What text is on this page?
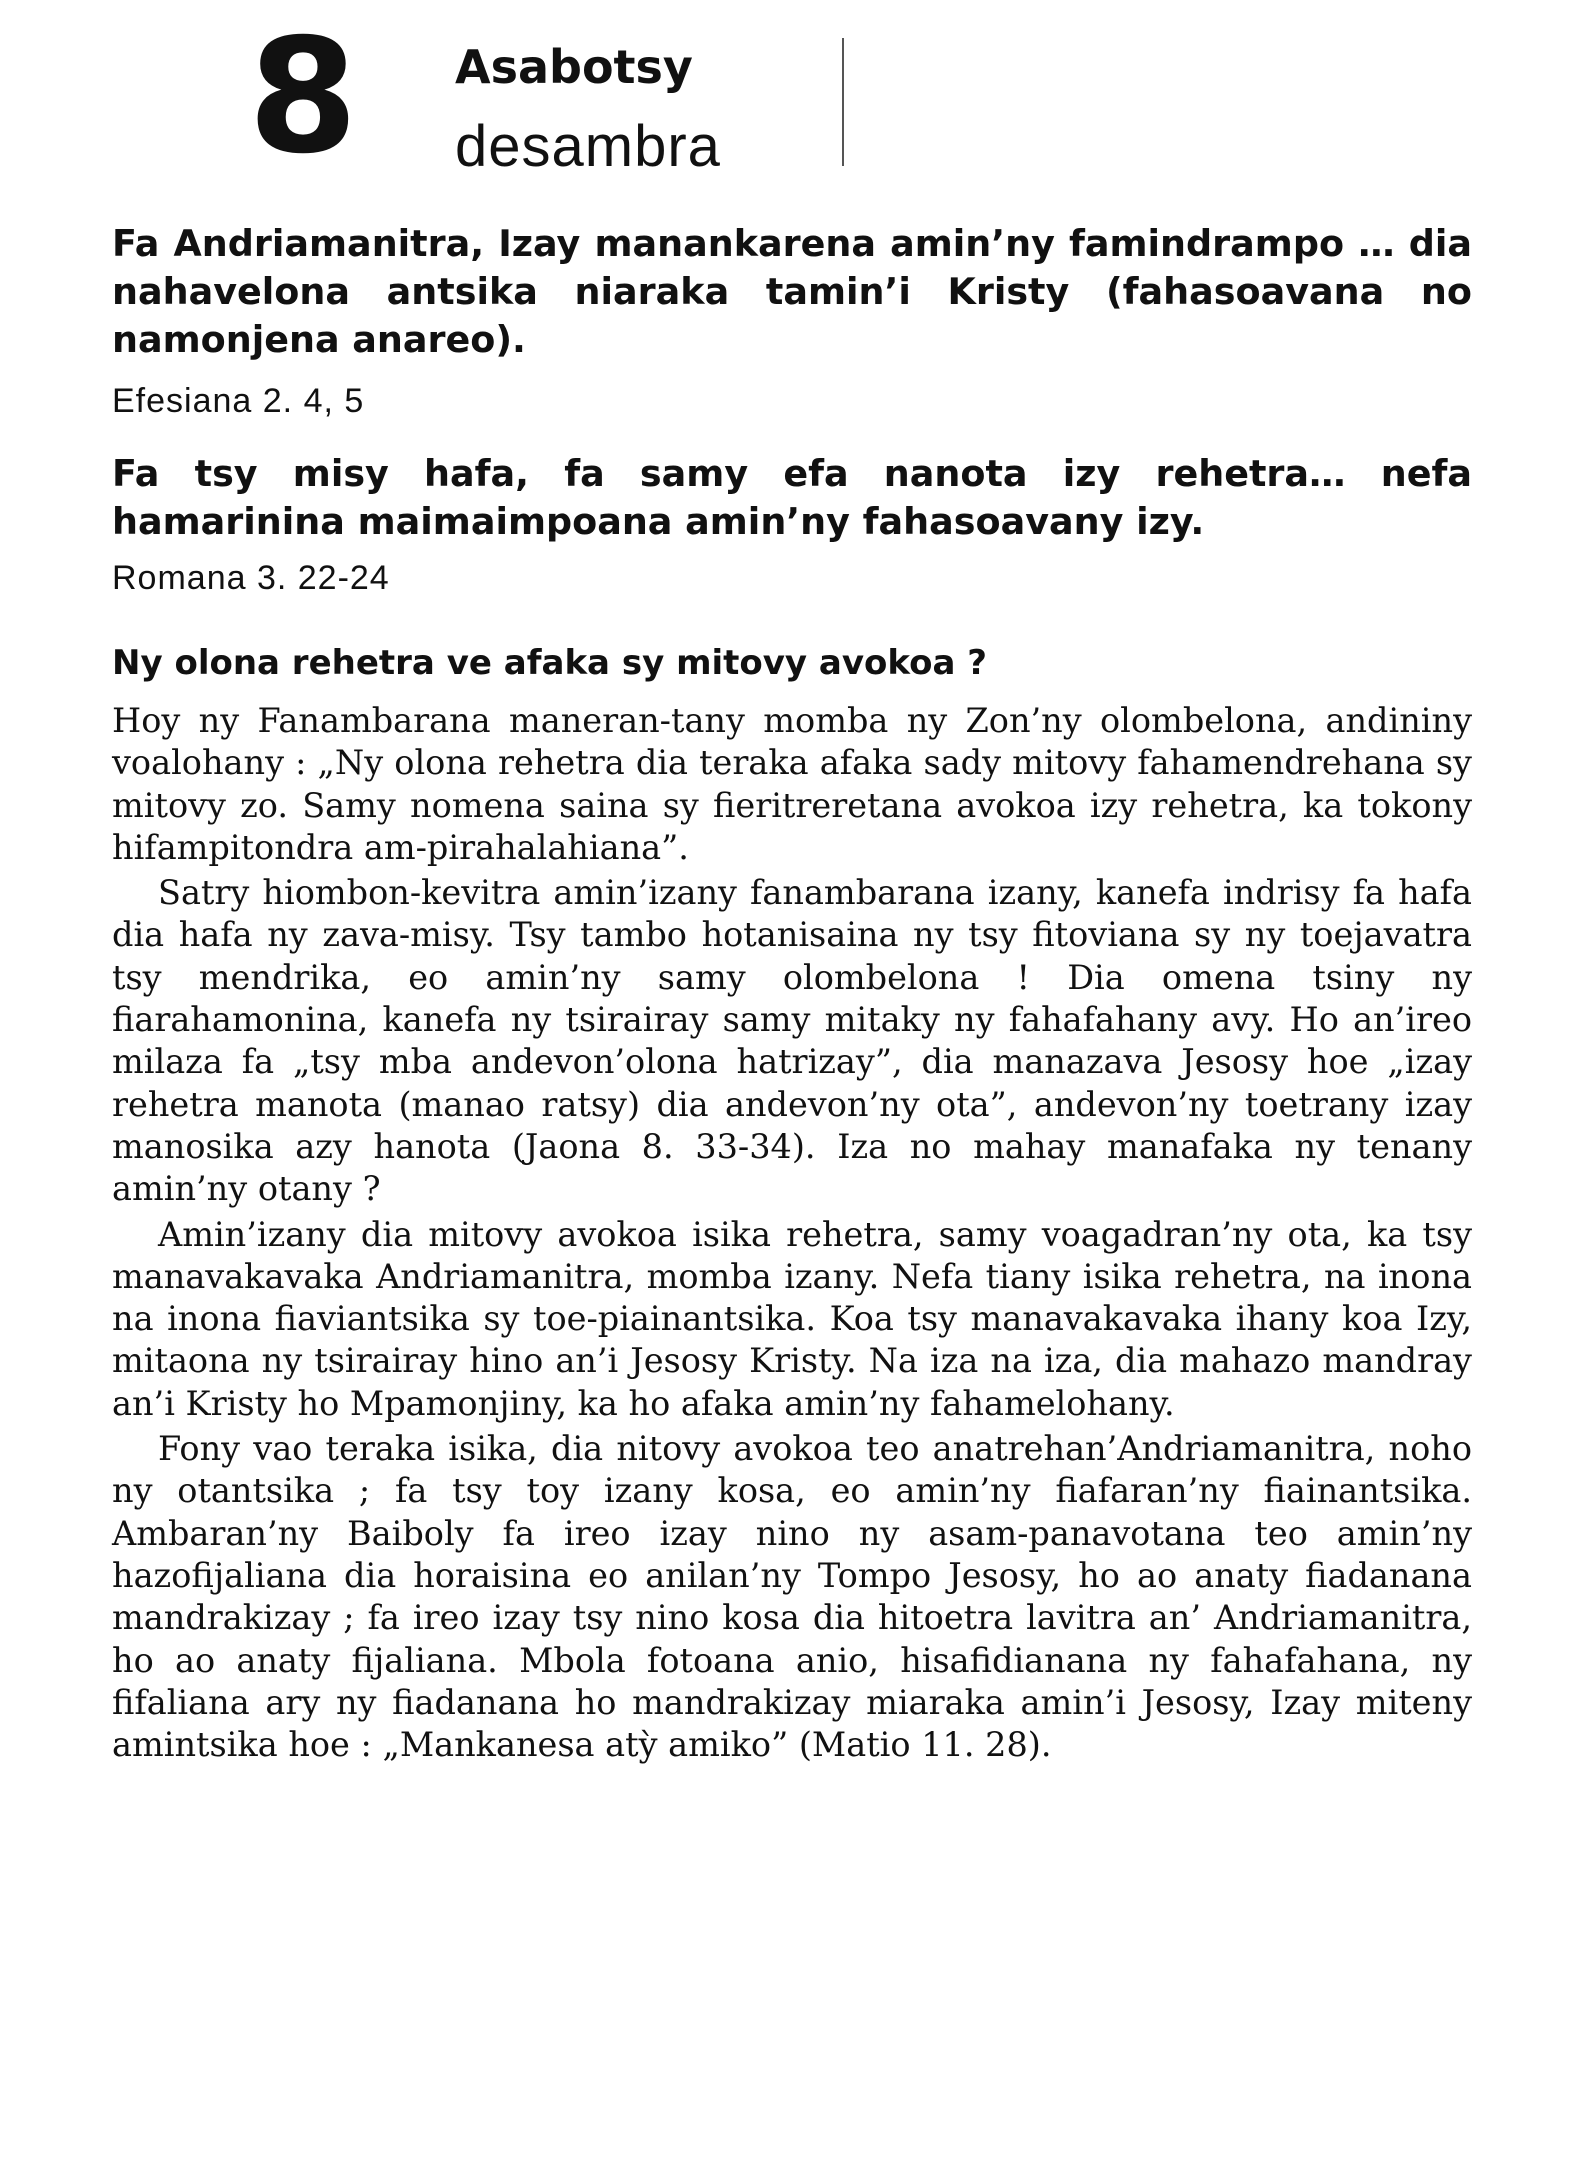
8 Asabotsy
desambra
Fa Andriamanitra, Izay manankarena amin’ny famindrampo … dia nahavelona antsika niaraka tamin’i Kristy (fahasoavana no namonjena anareo).
Efesiana 2. 4, 5
Fa tsy misy hafa, fa samy efa nanota izy rehetra… nefa hamarinina maimaimpoana amin’ny fahasoavany izy.
Romana 3. 22-24
Ny olona rehetra ve afaka sy mitovy avokoa ?

Hoy ny Fanambarana maneran-tany momba ny Zon’ny olombelona, andininy voalohany : „Ny olona rehetra dia teraka afaka sady mitovy fahamendrehana sy mitovy zo. Samy nomena saina sy fieritreretana avokoa izy rehetra, ka tokony hifampitondra am-pirahalahiana”.

Satry hiombon-kevitra amin’izany fanambarana izany, kanefa indrisy fa hafa dia hafa ny zava-misy. Tsy tambo hotanisaina ny tsy fitoviana sy ny toejavatra tsy mendrika, eo amin’ny samy olombelona ! Dia omena tsiny ny fiarahamonina, kanefa ny tsirairay samy mitaky ny fahafahany avy. Ho an’ireo milaza fa „tsy mba andevon’olona hatrizay”, dia manazava Jesosy hoe „izay rehetra manota (manao ratsy) dia andevon’ny ota”, andevon’ny toetrany izay manosika azy hanota (Jaona 8. 33-34). Iza no mahay manafaka ny tenany amin’ny otany ?

Amin’izany dia mitovy avokoa isika rehetra, samy voagadran’ny ota, ka tsy manavakavaka Andriamanitra, momba izany. Nefa tiany isika rehetra, na inona na inona fiaviantsika sy toe-piainantsika. Koa tsy manavakavaka ihany koa Izy, mitaona ny tsirairay hino an’i Jesosy Kristy. Na iza na iza, dia mahazo mandray an’i Kristy ho Mpamonjiny, ka ho afaka amin’ny fahamelohany.

Fony vao teraka isika, dia nitovy avokoa teo anatrehan’Andriamanitra, noho ny otantsika ; fa tsy toy izany kosa, eo amin’ny fiafaran’ny fiainantsika. Ambaran’ny Baiboly fa ireo izay nino ny asam-panavotana teo amin’ny hazofijaliana dia horaisina eo anilan’ny Tompo Jesosy, ho ao anaty fiadanana mandrakizay ; fa ireo izay tsy nino kosa dia hitoetra lavitra an’ Andriamanitra, ho ao anaty fijaliana. Mbola fotoana anio, hisafidianana ny fahafahana, ny fifaliana ary ny fiadanana ho mandrakizay miaraka amin’i Jesosy, Izay miteny amintsika hoe : „Mankanesa atỳ amiko” (Matio 11. 28).
